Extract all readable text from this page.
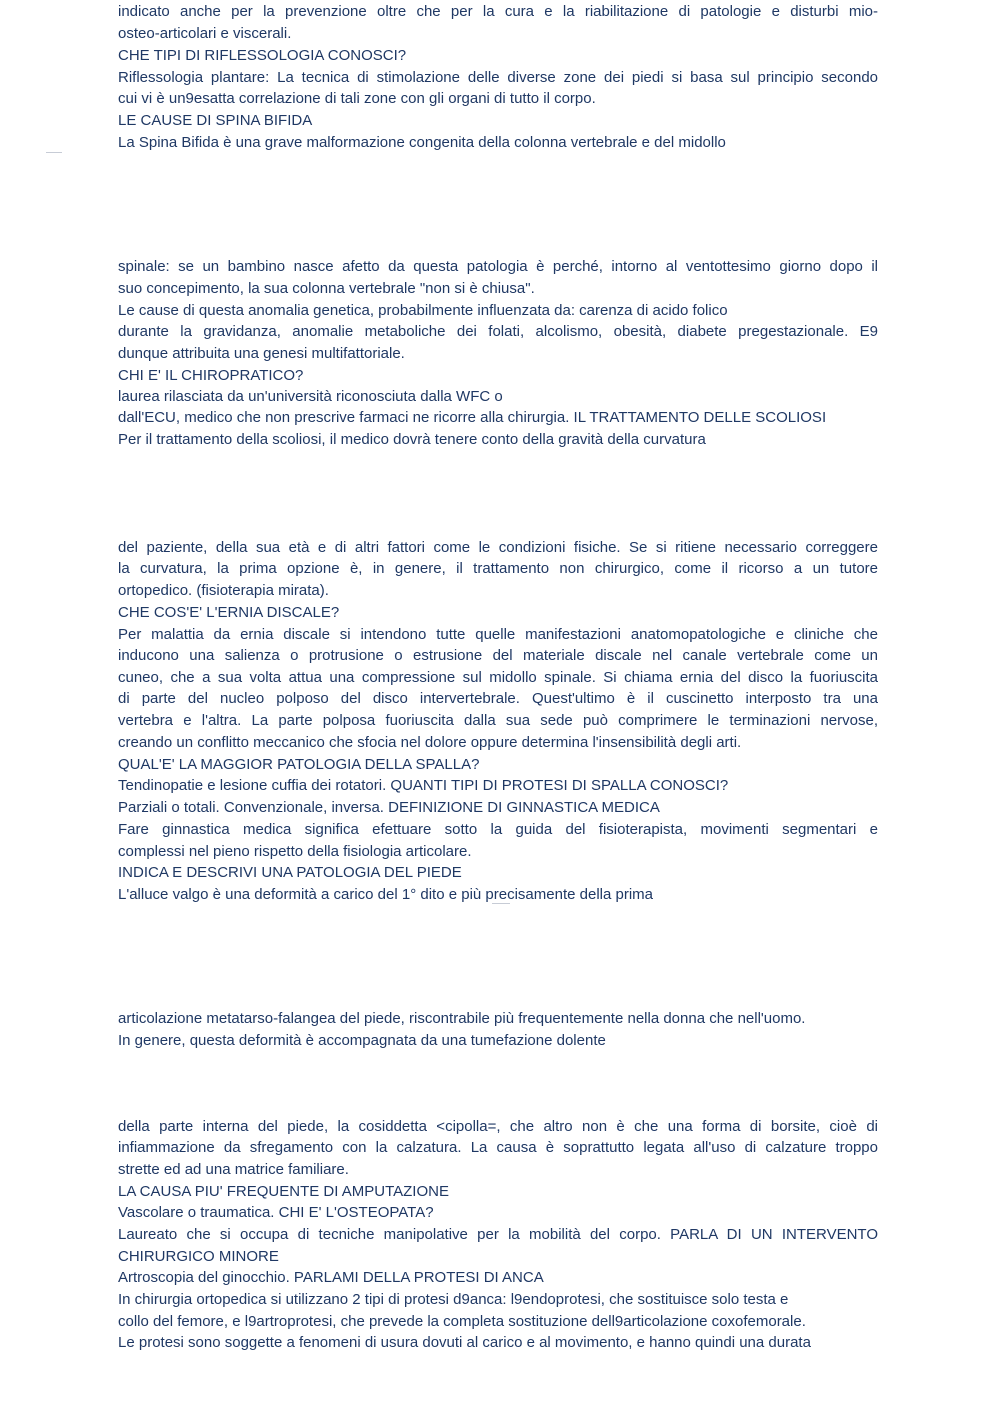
indicato anche per la prevenzione oltre che per la cura e la riabilitazione di patologie e disturbi mio-
osteo-articolari e viscerali.
CHE TIPI DI RIFLESSOLOGIA CONOSCI?
Riflessologia plantare: La tecnica di stimolazione delle diverse zone dei piedi si basa sul principio secondo
cui vi è un9esatta correlazione di tali zone con gli organi di tutto il corpo.
LE CAUSE DI SPINA BIFIDA
La Spina Bifida è una grave malformazione congenita della colonna vertebrale e del midollo
spinale: se un bambino nasce afetto da questa patologia è perché, intorno al ventottesimo giorno dopo il
suo concepimento, la sua colonna vertebrale "non si è chiusa".
Le cause di questa anomalia genetica, probabilmente influenzata da: carenza di acido folico
durante la gravidanza, anomalie metaboliche dei folati, alcolismo, obesità, diabete pregestazionale. E9
dunque attribuita una genesi multifattoriale.
CHI E' IL CHIROPRATICO?
laurea rilasciata da un'università riconosciuta dalla WFC o
dall'ECU, medico che non prescrive farmaci ne ricorre alla chirurgia. IL TRATTAMENTO DELLE SCOLIOSI
Per il trattamento della scoliosi, il medico dovrà tenere conto della gravità della curvatura
del paziente, della sua età e di altri fattori come le condizioni fisiche. Se si ritiene necessario correggere
la curvatura, la prima opzione è, in genere, il trattamento non chirurgico, come il ricorso a un tutore
ortopedico. (fisioterapia mirata).
CHE COS'E' L'ERNIA DISCALE?
Per malattia da ernia discale si intendono tutte quelle manifestazioni anatomopatologiche e cliniche che
inducono una salienza o protrusione o estrusione del materiale discale nel canale vertebrale come un
cuneo, che a sua volta attua una compressione sul midollo spinale. Si chiama ernia del disco la fuoriuscita
di parte del nucleo polposo del disco intervertebrale. Quest'ultimo è il cuscinetto interposto tra una
vertebra e l'altra. La parte polposa fuoriuscita dalla sua sede può comprimere le terminazioni nervose,
creando un conflitto meccanico che sfocia nel dolore oppure determina l'insensibilità degli arti.
QUAL'E' LA MAGGIOR PATOLOGIA DELLA SPALLA?
Tendinopatie e lesione cuffia dei rotatori. QUANTI TIPI DI PROTESI DI SPALLA CONOSCI?
Parziali o totali. Convenzionale, inversa. DEFINIZIONE DI GINNASTICA MEDICA
Fare ginnastica medica significa efettuare sotto la guida del fisioterapista, movimenti segmentari e
complessi nel pieno rispetto della fisiologia articolare.
INDICA E DESCRIVI UNA PATOLOGIA DEL PIEDE
L'alluce valgo è una deformità a carico del 1° dito e più precisamente della prima
articolazione metatarso-falangea del piede, riscontrabile più frequentemente nella donna che nell'uomo.
In genere, questa deformità è accompagnata da una tumefazione dolente
della parte interna del piede, la cosiddetta <cipolla=, che altro non è che una forma di borsite, cioè di
infiammazione da sfregamento con la calzatura. La causa è soprattutto legata all'uso di calzature troppo
strette ed ad una matrice familiare.
LA CAUSA PIU' FREQUENTE DI AMPUTAZIONE
Vascolare o traumatica. CHI E' L'OSTEOPATA?
Laureato che si occupa di tecniche manipolative per la mobilità del corpo. PARLA DI UN INTERVENTO
CHIRURGICO MINORE
Artroscopia del ginocchio. PARLAMI DELLA PROTESI DI ANCA
In chirurgia ortopedica si utilizzano 2 tipi di protesi d9anca: l9endoprotesi, che sostituisce solo testa e
collo del femore, e l9artroprotesi, che prevede la completa sostituzione dell9articolazione coxofemorale.
Le protesi sono soggette a fenomeni di usura dovuti al carico e al movimento, e hanno quindi una durata
